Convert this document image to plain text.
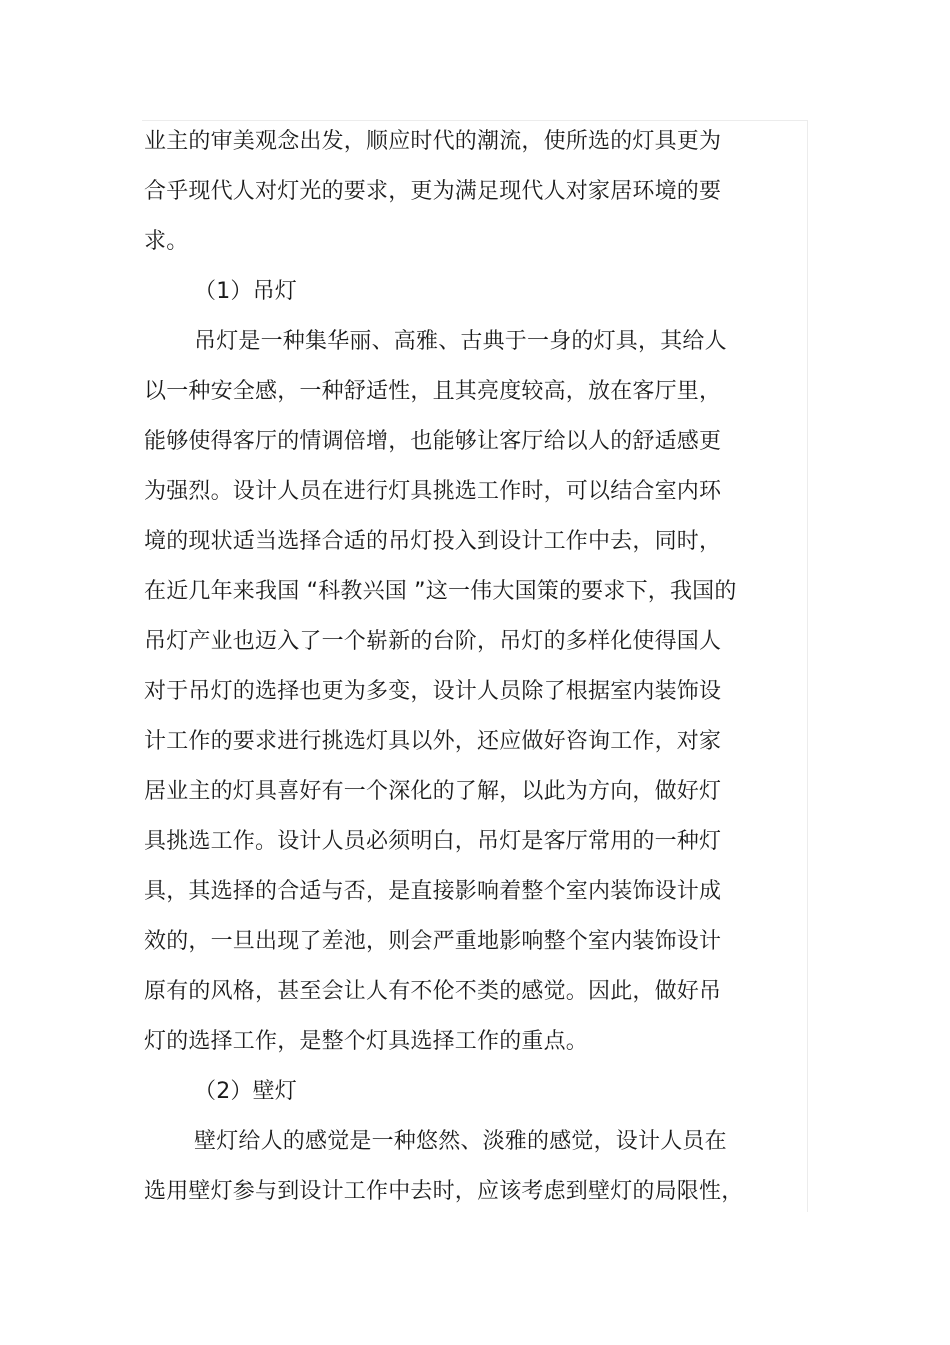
业主的审美观念出发，顺应时代的潮流，使所选的灯具更为
合乎现代人对灯光的要求，更为满足现代人对家居环境的要
求。
（1）吊灯
吊灯是一种集华丽、高雅、古典于一身的灯具，其给人
以一种安全感，一种舒适性，且其亮度较高，放在客厅里，
能够使得客厅的情调倍增，也能够让客厅给以人的舒适感更
为强烈。设计人员在进行灯具挑选工作时，可以结合室内环
境的现状适当选择合适的吊灯投入到设计工作中去，同时，
在近几年来我国 “科教兴国 ”这一伟大国策的要求下，我国的
吊灯产业也迈入了一个崭新的台阶，吊灯的多样化使得国人
对于吊灯的选择也更为多变，设计人员除了根据室内装饰设
计工作的要求进行挑选灯具以外，还应做好咨询工作，对家
居业主的灯具喜好有一个深化的了解，以此为方向，做好灯
具挑选工作。设计人员必须明白，吊灯是客厅常用的一种灯
具，其选择的合适与否，是直接影响着整个室内装饰设计成
效的，一旦出现了差池，则会严重地影响整个室内装饰设计
原有的风格，甚至会让人有不伦不类的感觉。因此，做好吊
灯的选择工作，是整个灯具选择工作的重点。
（2）壁灯
壁灯给人的感觉是一种悠然、淡雅的感觉，设计人员在
选用壁灯参与到设计工作中去时，应该考虑到壁灯的局限性，
